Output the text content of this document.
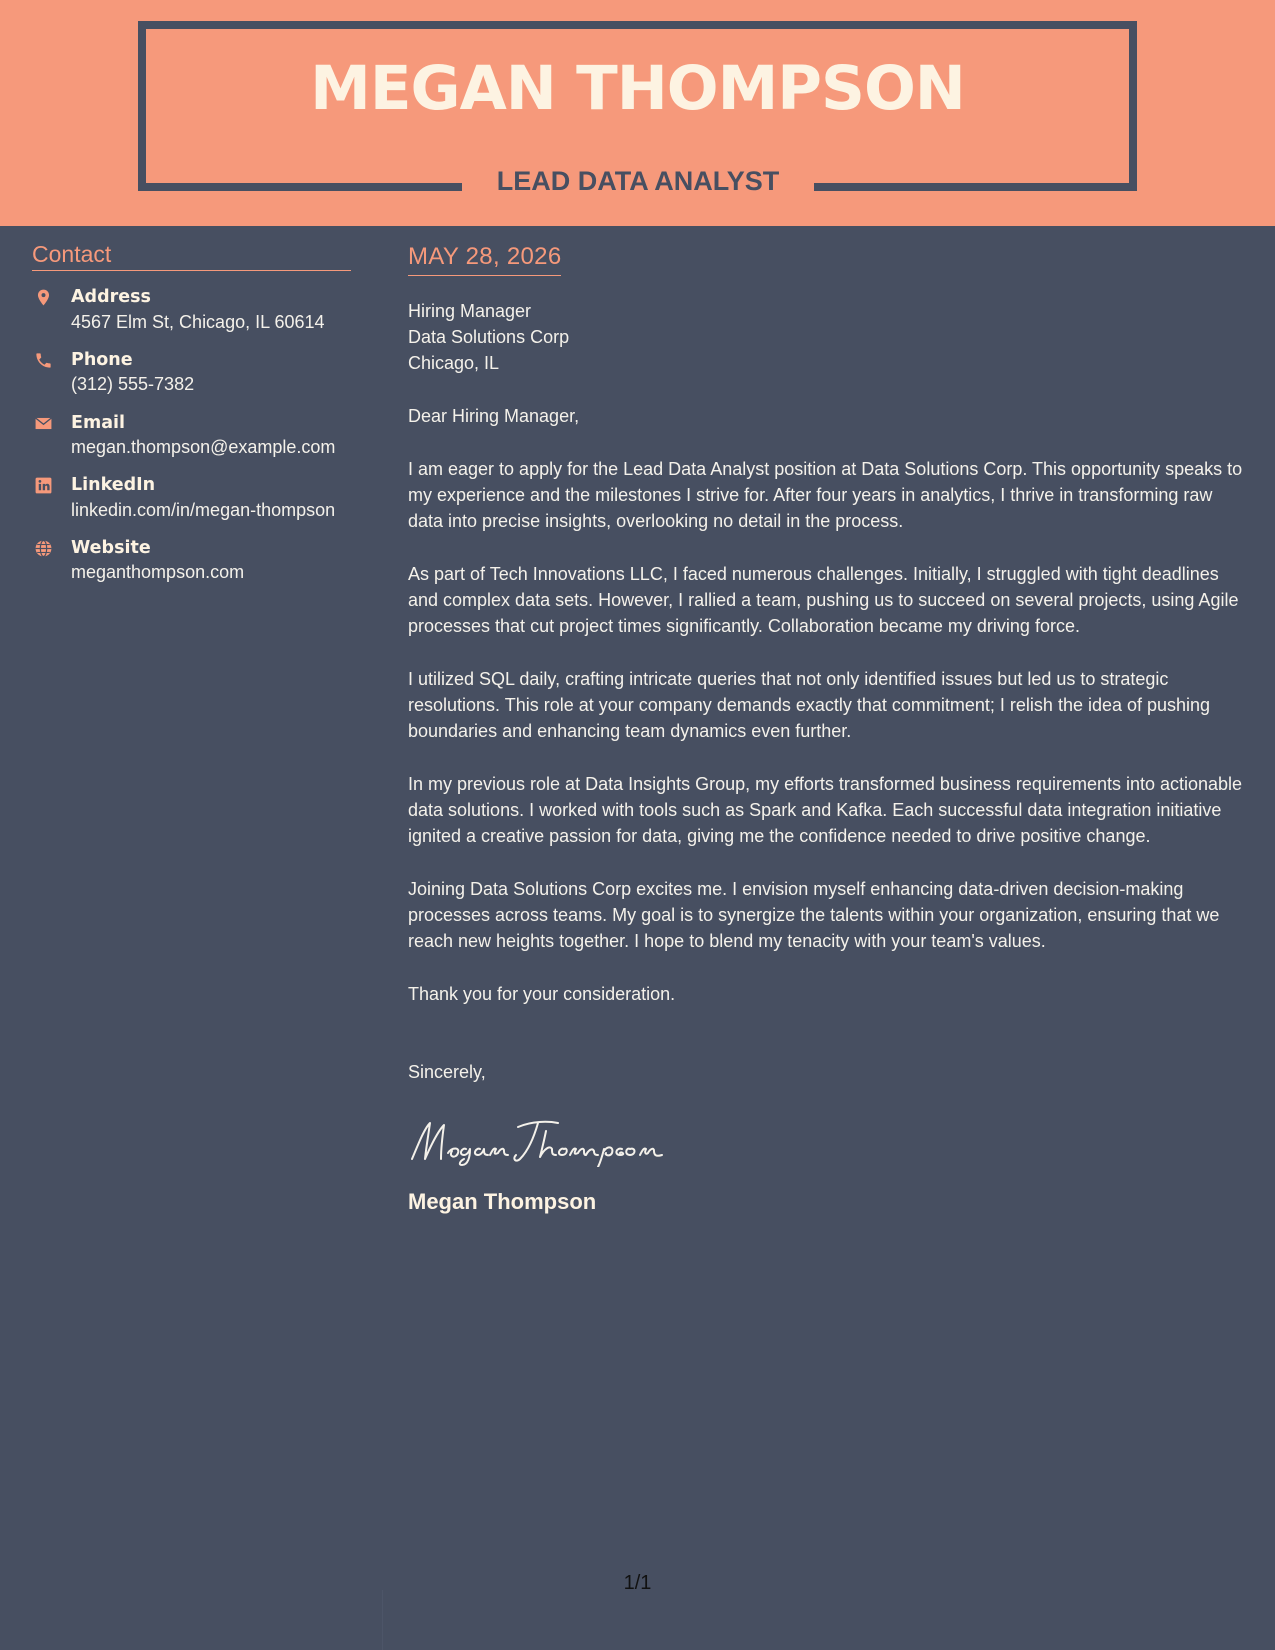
MEGAN THOMPSON
LEAD DATA ANALYST
Contact
Address
4567 Elm St, Chicago, IL 60614
Phone
(312) 555-7382
Email
megan.thompson@example.com
LinkedIn
linkedin.com/in/megan-thompson
Website
meganthompson.com
MAY 28, 2026
Hiring Manager
Data Solutions Corp
Chicago, IL
Dear Hiring Manager,

I am eager to apply for the Lead Data Analyst position at Data Solutions Corp. This opportunity speaks to my experience and the milestones I strive for. After four years in analytics, I thrive in transforming raw data into precise insights, overlooking no detail in the process.

As part of Tech Innovations LLC, I faced numerous challenges. Initially, I struggled with tight deadlines and complex data sets. However, I rallied a team, pushing us to succeed on several projects, using Agile processes that cut project times significantly. Collaboration became my driving force.

I utilized SQL daily, crafting intricate queries that not only identified issues but led us to strategic resolutions. This role at your company demands exactly that commitment; I relish the idea of pushing boundaries and enhancing team dynamics even further.

In my previous role at Data Insights Group, my efforts transformed business requirements into actionable data solutions. I worked with tools such as Spark and Kafka. Each successful data integration initiative ignited a creative passion for data, giving me the confidence needed to drive positive change.

Joining Data Solutions Corp excites me. I envision myself enhancing data-driven decision-making processes across teams. My goal is to synergize the talents within your organization, ensuring that we reach new heights together. I hope to blend my tenacity with your team's values.

Thank you for your consideration.

Sincerely,
Megan Thompson
1/1
